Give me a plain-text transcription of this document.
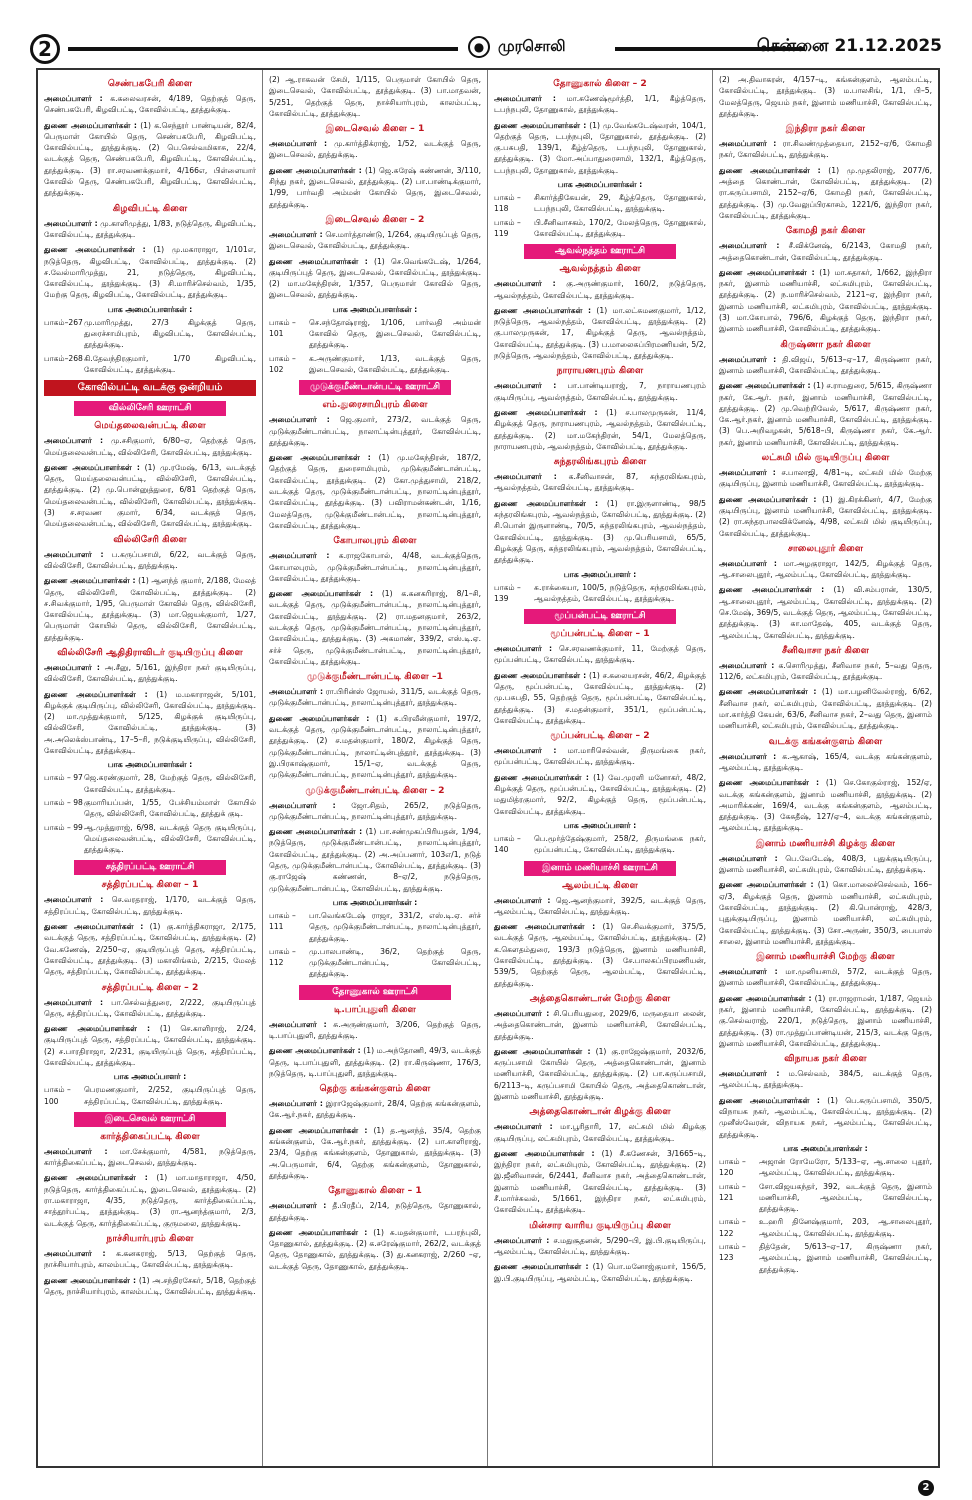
2	● முரசொலி	சென்னை 21.12.2025
செண்பகபேரி கிளை
அமைப்பாளர் : க.கலைவரசன், 4/189, தெற்குத் தெரு, செண்பகபேரி, கிழவிபட்டி, கோவில்பட்டி, தூத்துக்குடி.
துணை அமைப்பாளர்கள் : (1) க.செந்தூர் பாண்டியன், 82/4, பெருமாள் கோயில் தெரு, செண்பகபேரி, கிழவிபட்டி, கோவில்பட்டி, தூத்துக்குடி. (2) பெ.செல்வமிகாசு, 22/4, வடக்குத் தெரு, செண்பகபேரி, கிழவிபட்டி, கோவில்பட்டி, தூத்துக்குடி. (3) ரா.சரவணக்குமார், 4/166எ, பிள்ளையார் கோவில் தெரு, செண்பகபேரி, கிழவிபட்டி, கோவில்பட்டி, தூத்துக்குடி.
கிழவிபட்டி கிளை
அமைப்பாளர் : மு.காளிமுத்து, 1/83, நடுத்தெரு, கிழவிபட்டி, கோவில்பட்டி, தூத்துக்குடி.
துணை அமைப்பாளர்கள் : (1) மு.மகாராஜா, 1/101எ, நடுத்தெரு, கிழவிபட்டி, கோவில்பட்டி, தூத்துக்குடி. (2) ச.வேல்மாரிமுத்து, 21, நடுத்தெரு, கிழவிபட்டி, கோவில்பட்டி, தூத்துக்குடி. (3) சி.மாரிச்செல்வம், 1/35, மேற்கு தெரு, கிழவிபட்டி, கோவில்பட்டி, தூத்துக்குடி.
பாக அமைப்பாளர்கள் :
பாகம்–267 மு.மாரிமுத்து, 27/3 கிழக்குத் தெரு, துரைச்சாமிபுரம், கிழவிபட்டி, கோவில்பட்டி, தூத்துக்குடி.
பாகம்–268 கி.தேவந்திரகுமார், 1/70 கிழவிபட்டி, கோவில்பட்டி, தூத்துக்குடி.
கோவில்பட்டி வடக்கு ஒன்றியம்
வில்லிசேரி ஊராட்சி
மெய்தலைவன்பட்டி கிளை
அமைப்பாளர் : மு.சசிகுமார், 6/80–ஏ, தெற்குத் தெரு, மெய்தலைவன்பட்டி, வில்லிசேரி, கோவில்பட்டி, தூத்துக்குடி.
துணை அமைப்பாளர்கள் : (1) மு.ரமேஷ், 6/13, வடக்குத் தெரு, மெய்தலைவன்பட்டி, வில்லிசேரி, கோவில்பட்டி, தூத்துக்குடி. (2) மு.பொன்னுத்துரை, 6/81 தெற்குத் தெரு, மெய்தலைவன்பட்டி, வில்லிசேரி, கோவில்பட்டி, தூத்துக்குடி. (3) ச.சரவண குமார், 6/34, வடக்குத் தெரு, மெய்தலைவன்பட்டி, வில்லிசேரி, கோவில்பட்டி, தூத்துக்குடி.
வில்லிசேரி கிளை
அமைப்பாளர் : ப.கருப்பசாமி, 6/22, வடக்குத் தெரு, வில்லிசேரி, கோவில்பட்டி, தூத்துக்குடி.
துணை அமைப்பாளர்கள் : (1) ஆனந்த் குமார், 2/188, மேலத் தெரு, வில்லிசேரி, கோவில்பட்டி, தூத்துக்குடி. (2) ச.சிவக்குமார், 1/95, பெருமாள் கோவில் தெரு, வில்லிசேரி, கோவில்பட்டி, தூத்துக்குடி. (3) மா.ஜெயக்குமார், 1/27, பெருமாள் கோயில் தெரு, வில்லிசேரி, கோவில்பட்டி, தூத்துக்குடி.
வில்லிசேரி ஆதிதிராவிடர் குடியிருப்பு கிளை
அமைப்பாளர் : அ.சீனு, 5/161, இந்திரா நகர் குடியிருப்பு, வில்லிசேரி, கோவில்பட்டி, தூத்துக்குடி.
துணை அமைப்பாளர்கள் : (1) ம.மகாராஜன், 5/101, கிழக்குக் குடியிருப்பு, வில்லிசேரி, கோவில்பட்டி, தூத்துக்குடி. (2) மா.முத்துக்குமார், 5/125, கிழக்குக் குடியிருப்பு, வில்லிசேரி, கோவில்பட்டி, தூத்துக்குடி. (3) அ.அலெக்ஸ்பாண்டி, 17–5–ரி, நடுக்குடியிருப்பு, வில்லிசேரி, கோவில்பட்டி, தூத்துக்குடி.
பாக அமைப்பாளர்கள் :
பாகம் – 97 ஜெ.கரண்குமார், 28, மேற்குத் தெரு, வில்லிசேரி, கோவில்பட்டி, தூத்துக்குடி.
பாகம் – 98 குமாரியப்பன், 1/55, பேச்சியம்மாள் கோயில் தெரு, வில்லிசேரி, கோவில்பட்டி, தூத்துக் குடி.
பாகம் – 99 ஆ.முத்துராஜ், 6/98, வடக்குத் தெரு குடியிருப்பு, மெய்தலைவன்பட்டி, வில்லிசேரி, கோவில்பட்டி, தூத்துக்குடி.
சத்திரப்பட்டி ஊராட்சி
சத்திரப்பட்டி கிளை – 1
அமைப்பாளர் : செ.வரதராஜ், 1/170, வடக்குத் தெரு, சத்திரப்பட்டி, கோவில்பட்டி, தூத்துக்குடி.
துணை அமைப்பாளர்கள் : (1) கு.கார்த்திகராஜா, 2/175, வடக்குத் தெரு, சத்திரப்பட்டி, கோவில்பட்டி, தூத்துக்குடி. (2) வே.கணேஷ், 2/250–ஏ, குடியிருப்புத் தெரு, சத்திரப்பட்டி, கோவில்பட்டி, தூத்துக்குடி. (3) மகாலிங்கம், 2/215, மேலத் தெரு, சத்திரப்பட்டி, கோவில்பட்டி, தூத்துக்குடி.
சத்திரப்பட்டி கிளை – 2
அமைப்பாளர் : பா.செல்வத்துரை, 2/222, குடியிருப்புத் தெரு, சத்திரப்பட்டி, கோவில்பட்டி, தூத்துக்குடி.
துணை அமைப்பாளர்கள் : (1) செ.காளிராஜ், 2/24, குடியிருப்புத் தெரு, சத்திரப்பட்டி, கோவில்பட்டி, தூத்துக்குடி. (2) ச.பாரதிராஜா, 2/231, குடியிருப்புத் தெரு, சத்திரப்பட்டி, கோவில்பட்டி, தூத்துக்குடி.
பாக அமைப்பாளர் :
பாகம் – 100
பெரமணகுமார், 2/252, குடியிருப்புத் தெரு, சத்திரப்பட்டி, கோவில்பட்டி, தூத்துக்குடி.
இடைசெவல் ஊராட்சி
கார்த்திகைப்பட்டி கிளை
அமைப்பாளர் : மா.சேக்குமார், 4/581, நடுத்தெரு, கார்த்திகைப்பட்டி, இடைசெவல், தூத்துக்குடி.
துணை அமைப்பாளர்கள் : (1) மா.மாதாராஜா, 4/50, நடுத்தெரு, கார்த்திகைப்பட்டி, இடைசெவல், தூத்துக்குடி. (2) ரா.மகாராஜா, 4/35, நடுத்தெரு, கார்த்திகைப்பட்டி, சாத்தூர்பட்டி, தூத்துக்குடி. (3) ரா.ஆனந்த்குமார், 2/3, வடக்குத் தெரு, கார்த்திகைப்பட்டி, குருமலை, தூத்துக்குடி.
நாச்சியார்புரம் கிளை
அமைப்பாளர் : க.கனகராஜ், 5/13, தெற்குத் தெரு, நாச்சியார்புரம், காலம்பட்டி, கோவில்பட்டி, தூத்துக்குடி.
துணை அமைப்பாளர்கள் : (1) அ.சந்திரசேகர், 5/18, தெற்குத் தெரு, நாச்சியார்புரம், காலம்பட்டி, கோவில்பட்டி, தூத்துக்குடி.
(2) ஆ.ராகவன் சேமி, 1/115, பெருமாள் கோயில் தெரு, இடைசெவல், கோவில்பட்டி, தூத்துக்குடி. (3) பா.மாதவன், 5/251, தெற்குத் தெரு, நாச்சியார்புரம், காலம்பட்டி, கோவில்பட்டி, தூத்துக்குடி.
இடைசெவல் கிளை – 1
அமைப்பாளர் : மு.கார்த்திக்ராஜ், 1/52, வடக்குத் தெரு, இடைசெவல், தூத்துக்குடி.
துணை அமைப்பாளர்கள் : (1) ஜெ.சுரேஷ் கண்ணன், 3/110, சிந்து நகர், இடைசெவல், தூத்துக்குடி. (2) பா.பாண்டிக்குமார், 1/99, பார்வதி அம்மன் கோயில் தெரு, இடைசெவல், தூத்துக்குடி.
இடைசெவல் கிளை – 2
அமைப்பாளர் : செ.மார்த்தாண்டு, 1/264, குடியிருப்புத் தெரு, இடைசெவல், கோவில்பட்டி, தூத்துக்குடி.
துணை அமைப்பாளர்கள் : (1) செ.வெங்கடேஷ், 1/264, குடியிருப்புத் தெரு, இடைசெவல், கோவில்பட்டி, தூத்துக்குடி. (2) மா.மகேந்திரன், 1/357, பெருமாள் கோவில் தெரு, இடைசெவல், தூத்துக்குடி.
பாக அமைப்பாளர்கள் :
பாகம் – 101
செ.சந்தோஷ்ராஜ், 1/106, பார்வதி அம்மன் கோவில் தெரு, இடைசெவல், கோவில்பட்டி, தூத்துக்குடி.
பாகம் – 102
க.அருண்குமார், 1/13, வடக்குத் தெரு, இடைசெவல், கோவில்பட்டி, தூத்துக்குடி.
முடுக்குமீண்டான்பட்டி ஊராட்சி
எம்.துரைசாமிபுரம் கிளை
அமைப்பாளர் : ஜெ.குமார், 273/2, வடக்குத் தெரு, முடுக்குமீண்டான்பட்டி, நாலாட்டின்புத்தூர், கோவில்பட்டி, தூத்துக்குடி.
துணை அமைப்பாளர்கள் : (1) மு.மகேந்திரன், 187/2, தெற்குத் தெரு, துரைசாமிபுரம், முடுக்குமீண்டான்பட்டி, கோவில்பட்டி, தூத்துக்குடி. (2) கோ.முத்துசாமி, 218/2, வடக்குத் தெரு, முடுக்குமீண்டான்பட்டி, நாலாட்டின்புத்தூர், கோவில்பட்டி, தூத்துக்குடி. (3) பவிராமன்கண்டன், 1/16, மேலத்தெரு, முடுக்குமீண்டான்பட்டி, நாலாட்டின்புத்தூர், கோவில்பட்டி, தூத்துக்குடி.
கோபாலபுரம் கிளை
அமைப்பாளர் : க.ராஜகோபால், 4/48, வடக்குத்தெரு, கோபாலபுரம், முடுக்குமீண்டான்பட்டி, நாலாட்டின்புத்தூர், கோவில்பட்டி, தூத்துக்குடி.
துணை அமைப்பாளர்கள் : (1) க.கனகரிராஜ், 8/1–சி, வடக்குத் தெரு, முடுக்குமீண்டான்பட்டி, நாலாட்டின்புத்தூர், கோவில்பட்டி, தூத்துக்குடி. (2) ரா.மதனகுமார், 263/2, வடக்குத் தெரு, முடுக்குமீண்டான்பட்டி, நாலாட்டின்புத்தூர், கோவில்பட்டி, தூத்துக்குடி. (3) அகமாண், 339/2, எஸ்.டி.ஏ. சர்ச் தெரு, முடுக்குமீண்டான்பட்டி, நாலாட்டின்புத்தூர், கோவில்பட்டி, தூத்துக்குடி.
முடுக்குமீண்டான்பட்டி கிளை –1
அமைப்பாளர் : ரா.பிரின்ஸ் ஜோயல், 311/5, வடக்குத் தெரு, முடுக்குமீண்டான்பட்டி, நாலாட்டின்புத்தூர், தூத்துக்குடி.
துணை அமைப்பாளர்கள் : (1) சு.பிரவீன்குமார், 197/2, வடக்குத் தெரு, முடுக்குமீண்டான்பட்டி, நாலாட்டின்புத்தூர், தூத்துக்குடி. (2) ச.மதன்குமார், 180/2, கிழக்குத் தெரு, முடுக்குமீண்டான்பட்டி, நாலாட்டின்புத்தூர், தூத்துக்குடி. (3) இ.பிரகாஷ்குமார், 15/1–ஏ, வடக்குத் தெரு, முடுக்குமீண்டான்பட்டி, நாலாட்டின்புத்தூர், தூத்துக்குடி.
முடுக்குமீண்டான்பட்டி கிளை – 2
அமைப்பாளர் : ஜோ.சிதம், 265/2, நடுத்தெரு, முடுக்குமீண்டான்பட்டி, நாலாட்டின்புத்தூர், தூத்துக்குடி.
துணை அமைப்பாளர்கள் : (1) பா.சண்முகப்பிரியதன், 1/94, நடுத்தெரு, முடுக்குமீண்டான்பட்டி, நாலாட்டின்புத்தூர், கோவில்பட்டி, தூத்துக்குடி. (2) அ.அப்பனார், 103எ/1, நடுத் தெரு, முடுக்குமீண்டான்பட்டி, கோவில்பட்டி, தூத்துக்குடி. (3) கு.ராஜேஷ் கண்ணன், 8–ஏ/2, நடுத்தெரு, முடுக்குமீண்டான்பட்டி, கோவில்பட்டி, தூத்துக்குடி.
பாக அமைப்பாளர்கள் :
பாகம் – 111
பா.வெங்கடேஷ் ராஜா, 331/2, எஸ்.டி.ஏ. சர்ச் தெரு, முடுக்குமீண்டான்பட்டி, நாலாட்டின்புத்தூர், தூத்துக்குடி.
பாகம் – 112
மு.பாலபாண்டி, 36/2, தெற்குத் தெரு, முடுக்குமீண்டான்பட்டி, கோவில்பட்டி, தூத்துக்குடி.
தோணுகால் ஊராட்சி
டி.பாப்புதுளி கிளை
அமைப்பாளர் : சு.அருண்குமார், 3/206, தெற்குத் தெரு, டி.பாப்புதுளி, தூத்துக்குடி.
துணை அமைப்பாளர்கள் : (1) ம.அந்தோணி, 49/3, வடக்குத் தெரு, டி.பாப்புதுளி, தூத்துக்குடி. (2) ரா.கிருஷ்ணா, 176/3, நடுத்தெரு, டி.பாப்புதுளி, தூத்துக்குடி.
தெற்கு கங்கன்குளம் கிளை
அமைப்பாளர் : இராஜேஷ்குமார், 28/4, தெற்கு கங்கன்குளம், கே.ஆர்.நகர், தூத்துக்குடி.
துணை அமைப்பாளர்கள் : (1) த.ஆனந்த், 35/4, தெற்கு கங்கன்குளம், கே.ஆர்.நகர், தூத்துக்குடி. (2) பா.காளிராஜ், 23/4, தெற்கு கங்கன்குளம், தோணுகால், தூத்துக்குடி. (3) அ.பெருமாள், 6/4, தெற்கு கங்கன்குளம், தோணுகால், தூத்துக்குடி.
தோணுகால் கிளை – 1
அமைப்பாளர் : தீ.பிரதீப், 2/14, நடுத்தெரு, தோணுகால், தூத்துக்குடி.
துணை அமைப்பாளர்கள் : (1) சு.மதன்குமார், டபரந்புலி, தோணுகால், தூத்துக்குடி. (2) க.சரேஷ்குமார், 262/2, வடக்குத் தெரு, தோணுகால், தூத்துக்குடி. (3) து.கனகராஜ், 2/260 –ஏ, வடக்குத் தெரு, தோணுகால், தூத்துக்குடி.
தோணுகால் கிளை – 2
அமைப்பாளர் : மா.சுணேஷ்மூர்த்தி, 1/1, கீழ்த்தெரு, டபந்நபுலி, தோணுகால், தூத்துக்குடி.
துணை அமைப்பாளர்கள் : (1) மு.வேங்கடேஷ்வரன், 104/1, தெற்குத் தெரு, டபந்நபுலி, தோணுகால், தூத்துக்குடி. (2) கு.பசுபதி, 139/1, கீழ்த்தெரு, டபந்நபுலி, தோணுகால், தூத்துக்குடி. (3) மோ.அப்பாதுரைசாமி, 132/1, கீழ்த்தெரு, டபந்நபுலி, தோணுகால், தூத்துக்குடி.
பாக அமைப்பாளர்கள் :
பாகம் – 118
சிகார்த்திகேயன், 29, கீழ்த்தெரு, தோணுகால், டபந்நபுலி, கோவில்பட்டி, தூத்துக்குடி.
பாகம் – 119
பி.சீனிவாசகம், 170/2, மேலத்தெரு, தோணுகால், கோவில்பட்டி, தூத்துக்குடி.
ஆவல்நத்தம் ஊராட்சி
ஆவல்நத்தம் கிளை
அமைப்பாளர் : கு.அருண்குமார், 160/2, நடுத்தெரு, ஆவல்நத்தம், கோவில்பட்டி, தூத்துக்குடி.
துணை அமைப்பாளர்கள் : (1) மா.லட்சுமணகுமார், 1/12, நடுத்தெரு, ஆவல்நத்தம், கோவில்பட்டி, தூத்துக்குடி. (2) கு.பாலமுருகன், 17, கிழக்குத் தெரு, ஆவல்நத்தம், கோவில்பட்டி, தூத்துக்குடி. (3) ப.மாலைசுப்பிரமணியன், 5/2, நடுத்தெரு, ஆவல்நத்தம், கோவில்பட்டி, தூத்துக்குடி.
நாராயணபுரம் கிளை
அமைப்பாளர் : பா.பாண்டியராஜ், 7, நாராயணபுரம் குடியிருப்பு, ஆவல்நத்தம், கோவில்பட்டி, தூத்துக்குடி.
துணை அமைப்பாளர்கள் : (1) ச.பாலமுருகன், 11/4, கிழக்குத் தெரு, நாராயணபுரம், ஆவல்நத்தம், கோவில்பட்டி, தூத்துக்குடி. (2) மா.மகேந்திரன், 54/1, மேலத்தெரு, நாராயணபுரம், ஆவல்நத்தம், கோவில்பட்டி, தூத்துக்குடி.
சுந்தரலிங்கபுரம் கிளை
அமைப்பாளர் : க.சீனிவாசன், 87, சுந்தரலிங்கபுரம், ஆவல்நத்தம், கோவில்பட்டி, தூத்துக்குடி.
துணை அமைப்பாளர்கள் : (1) ரா.இருளாண்டி, 98/5 சுந்தரலிங்கபுரம், ஆவல்நத்தம், கோவில்பட்டி, தூத்துக்குடி. (2) சி.பொன் இருளாண்டி, 70/5, சுந்தரலிங்கபுரம், ஆவல்நத்தம், கோவில்பட்டி, தூத்துக்குடி. (3) மு.பெரியசாமி, 65/5, கிழக்குத் தெரு, சுந்தரலிங்கபுரம், ஆவல்நத்தம், கோவில்பட்டி, தூத்துக்குடி.
பாக அமைப்பாளர் :
பாகம் – 139
சு.ராக்கையா, 100/5, நடுத்தெரு, சுந்தரலிங்கபுரம், ஆவல்நத்தம், கோவில்பட்டி, தூத்துக்குடி.
மூப்பன்பட்டி ஊராட்சி
மூப்பன்பட்டி கிளை – 1
அமைப்பாளர் : செ.சரவணக்குமார், 11, மேற்குத் தெரு, மூப்பன்பட்டி, கோவில்பட்டி, தூத்துக்குடி.
துணை அமைப்பாளர்கள் : (1) ச.கலையரசன், 46/2, கிழக்குத் தெரு, மூப்பன்பட்டி, கோவில்பட்டி, தூத்துக்குடி. (2) மு.பசுபதி, 55, தெற்குத் தெரு, மூப்பன்பட்டி, கோவில்பட்டி, தூத்துக்குடி. (3) ச.மதன்குமார், 351/1, மூப்பன்பட்டி, கோவில்பட்டி, தூத்துக்குடி.
மூப்பன்பட்டி கிளை – 2
அமைப்பாளர் : மா.மாரிசெல்வன், திருமங்கை நகர், மூப்பன்பட்டி, கோவில்பட்டி, தூத்துக்குடி.
துணை அமைப்பாளர்கள் : (1) வே.முரளி மனோகர், 48/2, கிழக்குத் தெரு, மூப்பன்பட்டி, கோவில்பட்டி, தூத்துக்குடி. (2) மதுமித்ரகுமார், 92/2, கிழக்குத் தெரு, மூப்பன்பட்டி, கோவில்பட்டி, தூத்துக்குடி.
பாக அமைப்பாளர் :
பாகம் – 140
பெ.மூர்த்தேஷ்குமார், 258/2, திருமங்கை நகர், மூப்பன்பட்டி, கோவில்பட்டி, தூத்துக்குடி.
இனாம் மணியாச்சி ஊராட்சி
ஆலம்பட்டி கிளை
அமைப்பாளர் : ஜெ.ஆனந்குமார், 392/5, வடக்குத் தெரு, ஆலம்பட்டி, கோவில்பட்டி, தூத்துக்குடி.
துணை அமைப்பாளர்கள் : (1) செ.சிவக்குமார், 375/5, வடக்குத் தெரு, ஆலம்பட்டி, கோவில்பட்டி, தூத்துக்குடி. (2) க.கௌதம்துரை, 193/3 நடுத்தெரு, இனாம் மணியாச்சி, கோவில்பட்டி, தூத்துக்குடி. (3) சே.பாலசுப்பிரமணியன், 539/5, தெற்குத் தெரு, ஆலம்பட்டி, கோவில்பட்டி, தூத்துக்குடி.
அத்தைகொண்டான் மேற்கு கிளை
அமைப்பாளர் : சி.பெரியதுரை, 2029/6, மருதையா லைன், அத்தைகொண்டான், இனாம் மணியாச்சி, கோவில்பட்டி, தூத்துக்குடி.
துணை அமைப்பாளர்கள் : (1) கு.ராஜேஷ்குமார், 2032/6, கருப்பசாமி கோயில் தெரு, அத்தைகொண்டான், இனாம் மணியாச்சி, கோவில்பட்டி, தூத்துக்குடி. (2) பா.கருப்பசாமி, 6/2113–டி, கருப்பசாமி கோயில் தெரு, அத்தைகொண்டான், இனாம் மணியாச்சி, தூத்துக்குடி.
அத்தைகொண்டான் கிழக்கு கிளை
அமைப்பாளர் : மா.பூரிதாரி, 17, லட்சுமி மில் கிழக்கு குடியிருப்பு, லட்சுமிபுரம், கோவில்பட்டி, தூத்துக்குடி.
துணை அமைப்பாளர்கள் : (1) சீ.கணேசன், 3/1665–டி, இந்திரா நகர், லட்சுமிபுரம், கோவில்பட்டி, தூத்துக்குடி. (2) இ.ஜீனிவாசன், 6/2441, சீனிவாச நகர், அத்தைகொண்டான், இனாம் மணியாச்சி, கோவில்பட்டி, தூத்துக்குடி. (3) சீ.மார்ச்சுவல், 5/1661, இந்திரா நகர், லட்சுமிபுரம், கோவில்பட்டி, தூத்துக்குடி.
மின்சார வாரிய குடியிருப்பு கிளை
அமைப்பாளர் : ச.மதுசூதனன், 5/290–பி, இ.பி.குடியிருப்பு, ஆலம்பட்டி, கோவில்பட்டி, தூத்துக்குடி.
துணை அமைப்பாளர்கள் : (1) பொ.மனோஜ்குமார், 156/5, இ.பி.குடியிருப்பு, ஆலம்பட்டி, கோவில்பட்டி, தூத்துக்குடி.
(2) அ.திவாகரன், 4/157–டி, கங்கன்குளம், ஆலம்பட்டி, கோவில்பட்டி, தூத்துக்குடி. (3) ம.பாலசிங், 1/1, பி–5, மேலத்தெரு, ஜெயம் நகர், இனாம் மணியாச்சி, கோவில்பட்டி, தூத்துக்குடி.
இந்திரா நகர் கிளை
அமைப்பாளர் : ரா.சிவண்முத்தையா, 2152–ஏ/6, கோமதி நகர், கோவில்பட்டி, தூத்துக்குடி.
துணை அமைப்பாளர்கள் : (1) மு.முதலிராஜ், 2077/6, அத்தை கொண்டான், கோவில்பட்டி, தூத்துக்குடி. (2) ரா.கருப்பசாமி, 2152–ஏ/6, கோமதி நகர், கோவில்பட்டி, தூத்துக்குடி. (3) மு.வேலுப்பிரகாசம், 1221/6, இந்திரா நகர், கோவில்பட்டி, தூத்துக்குடி.
கோமதி நகர் கிளை
அமைப்பாளர் : சீ.விக்னேஷ், 6/2143, கோமதி நகர், அத்தைகொண்டான், கோவில்பட்டி, தூத்துக்குடி.
துணை அமைப்பாளர்கள் : (1) மா.சுதாகர், 1/662, இந்திரா நகர், இனாம் மணியாச்சி, லட்சுமிபுரம், கோவில்பட்டி, தூத்துக்குடி. (2) ந.மாரிச்செல்வம், 2121–ஏ, இந்திரா நகர், இனாம் மணியாச்சி, லட்சுமிபுரம், கோவில்பட்டி, தூத்துக்குடி. (3) மா.கோபால், 796/6, கிழக்குத் தெரு, இந்திரா நகர், இனாம் மணியாச்சி, கோவில்பட்டி, தூத்துக்குடி.
கிருஷ்ணா நகர் கிளை
அமைப்பாளர் : தி.விஜய், 5/613–ஏ–17, கிருஷ்ணா நகர், இனாம் மணியாச்சி, கோவில்பட்டி, தூத்துக்குடி.
துணை அமைப்பாளர்கள் : (1) ச.ராமதுரை, 5/615, கிருஷ்ணா நகர், கே.ஆர். நகர், இனாம் மணியாச்சி, கோவில்பட்டி, தூத்துக்குடி. (2) மு.வெற்றிவேல், 5/617, கிருஷ்ணா நகர், கே.ஆர்.நகர், இனாம் மணியாச்சி, கோவில்பட்டி, தூத்துக்குடி. (3) பெ.அறிவழகன், 5/618–பி, கிருஷ்ணா நகர், கே.ஆர். நகர், இனாம் மணியாச்சி, கோவில்பட்டி, தூத்துக்குடி.
லட்சுமி மில் குடியிருப்பு கிளை
அமைப்பாளர் : ச.பாலாஜி, 4/81–டி, லட்சுமி மில் மேற்கு குடியிருப்பு, இனாம் மணியாச்சி, கோவில்பட்டி, தூத்துக்குடி.
துணை அமைப்பாளர்கள் : (1) இ.கிரக்கினர், 4/7, மேற்கு குடியிருப்பு, இனாம் மணியாச்சி, கோவில்பட்டி, தூத்துக்குடி. (2) ரா.சுந்தரபாலவிக்னேஷ், 4/98, லட்சுமி மில் குடியிருப்பு, கோவில்பட்டி, தூத்துக்குடி.
சாலைபுதூர் கிளை
அமைப்பாளர் : மா.அழகுராஜா, 142/5, கிழக்குத் தெரு, ஆ.சாலைபுதூர், ஆலம்பட்டி, கோவில்பட்டி, தூத்துக்குடி.
துணை அமைப்பாளர்கள் : (1) வி.சம்பரான், 130/5, ஆ.சாலைபுதூர், ஆலம்பட்டி, கோவில்பட்டி, தூத்துக்குடி. (2) செ.மேஷ், 369/5, வடக்குத் தெரு, ஆலம்பட்டி, கோவில்பட்டி, தூத்துக்குடி. (3) கா.மாதேஷ், 405, வடக்குத் தெரு, ஆலம்பட்டி, கோவில்பட்டி, தூத்துக்குடி.
சீனிவாசா நகர் கிளை
அமைப்பாளர் : க.சொரிமுத்து, சீனிவாச நகர், 5–வது தெரு, 112/6, லட்சுமிபுரம், கோவில்பட்டி, தூத்துக்குடி.
துணை அமைப்பாளர்கள் : (1) மா.பழனிவேல்ராஜ், 6/62, சீனிவாச நகர், லட்சுமிபுரம், கோவில்பட்டி, தூத்துக்குடி. (2) மா.கார்த்தி கேயன், 63/6, சீனிவாச நகர், 2–வது தெரு, இனாம் மணியாச்சி, லட்சுமிபுரம், கோவில்பட்டி, தூத்துக்குடி.
வடக்கு கங்கன்குளம் கிளை
அமைப்பாளர் : க.ஆகாஷ், 165/4, வடக்கு கங்கன்குளம், ஆலம்பட்டி, தூத்துக்குடி.
துணை அமைப்பாளர்கள் : (1) செ.கோகுல்ராஜ், 152/ஏ, வடக்கு கங்கன்குளம், இனாம் மணியாச்சி, தூத்துக்குடி. (2) அமாரிக்கண், 169/4, வடக்கு கங்கன்குளம், ஆலம்பட்டி, தூத்துக்குடி. (3) கேசுதீஷ், 127/ஏ–4, வடக்கு கங்கன்குளம், ஆலம்பட்டி, தூத்துக்குடி.
இனாம் மணியாச்சி கிழக்கு கிளை
அமைப்பாளர் : பெ.வேடேஷ், 408/3, புதுக்குடியிருப்பு, இனாம் மணியாச்சி, லட்சுமிபுரம், கோவில்பட்டி, தூத்துக்குடி.
துணை அமைப்பாளர்கள் : (1) கொ.மாலைச்செல்வம், 166–ஏ/3, கிழக்குத் தெரு, இனாம் மணியாச்சி, லட்சுமிபுரம், கோவில்பட்டி, தூத்துக்குடி. (2) கி.பொன்ராஜ், 428/3, புதுக்குடியிருப்பு, இனாம் மணியாச்சி, லட்சுமிபுரம், கோவில்பட்டி, தூத்துக்குடி. (3) சோ.அருண், 350/3, பைபாஸ் சாலை, இனாம் மணியாச்சி, தூத்துக்குடி.
இனாம் மணியாச்சி மேற்கு கிளை
அமைப்பாளர் : மா.முனியசாமி, 57/2, வடக்குத் தெரு, இனாம் மணியாச்சி, கோவில்பட்டி, தூத்துக்குடி.
துணை அமைப்பாளர்கள் : (1) ரா.ராஜராமன், 1/187, ஜெயம் நகர், இனாம் மணியாச்சி, கோவில்பட்டி, தூத்துக்குடி. (2) கு.செல்வராஜ், 220/1, நடுத்தெரு, இனாம் மணியாச்சி, தூத்துக்குடி. (3) ரா.முத்துப்பாண்டியன், 215/3, வடக்கு தெரு, இனாம் மணியாச்சி, கோவில்பட்டி, தூத்துக்குடி.
விநாயக நகர் கிளை
அமைப்பாளர் : ம.செல்வம், 384/5, வடக்குத் தெரு, ஆலம்பட்டி, தூத்துக்குடி.
துணை அமைப்பாளர்கள் : (1) பெ.கருப்பசாமி, 350/5, விநாயக நகர், ஆலம்பட்டி, கோவில்பட்டி, தூத்துக்குடி. (2) முனீஸ்வேரன், விநாயக நகர், ஆலம்பட்டி, கோவில்பட்டி, தூத்துக்குடி.
பாக அமைப்பாளர்கள் :
பாகம் – 120
அஜான் ரோமேரோ, 5/133–ஏ, ஆ.சாலை புதூர், ஆலம்பட்டி, கோவில்பட்டி, தூத்துக்குடி.
பாகம் – 121
சோ.விஜயகந்தர், 392, வடக்குத் தெரு, இனாம் மணியாச்சி, ஆலம்பட்டி, கோவில்பட்டி, தூத்துக்குடி.
பாகம் – 122
உ.ஹரி தினேஷ்குமார், 203, ஆ.சாலைபுதூர், ஆலம்பட்டி, கோவில்பட்டி, தூத்துக்குடி.
பாகம் – 123
தித்தேன், 5/613–ஏ–17, கிருஷ்ணா நகர், ஆலம்பட்டி, இனாம் மணியாச்சி, கோவில்பட்டி, தூத்துக்குடி.
2
